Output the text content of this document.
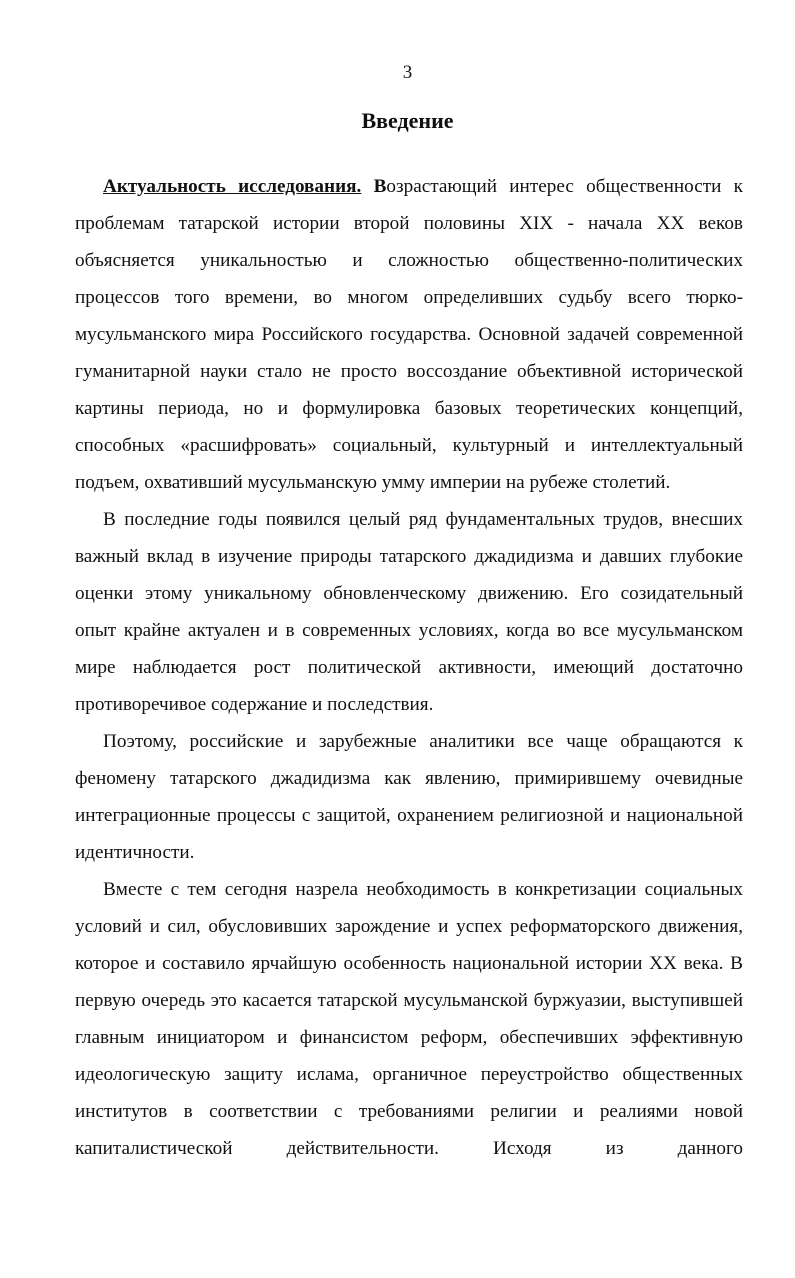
3
Введение

Актуальность исследования. Возрастающий интерес общественности к проблемам татарской истории второй половины XIX - начала XX веков объясняется уникальностью и сложностью общественно-политических процессов того времени, во многом определивших судьбу всего тюрко-мусульманского мира Российского государства. Основной задачей современной гуманитарной науки стало не просто воссоздание объективной исторической картины периода, но и формулировка базовых теоретических концепций, способных «расшифровать» социальный, культурный и интеллектуальный подъем, охвативший мусульманскую умму империи на рубеже столетий.

В последние годы появился целый ряд фундаментальных трудов, внесших важный вклад в изучение природы татарского джадидизма и давших глубокие оценки этому уникальному обновленческому движению. Его созидательный опыт крайне актуален и в современных условиях, когда во все мусульманском мире наблюдается рост политической активности, имеющий достаточно противоречивое содержание и последствия.

Поэтому, российские и зарубежные аналитики все чаще обращаются к феномену татарского джадидизма как явлению, примирившему очевидные интеграционные процессы с защитой, охранением религиозной и национальной идентичности.

Вместе с тем сегодня назрела необходимость в конкретизации социальных условий и сил, обусловивших зарождение и успех реформаторского движения, которое и составило ярчайшую особенность национальной истории XX века. В первую очередь это касается татарской мусульманской буржуазии, выступившей главным инициатором и финансистом реформ, обеспечивших эффективную идеологическую защиту ислама, органичное переустройство общественных институтов в соответствии с требованиями религии и реалиями новой капиталистической действительности. Исходя из данного
